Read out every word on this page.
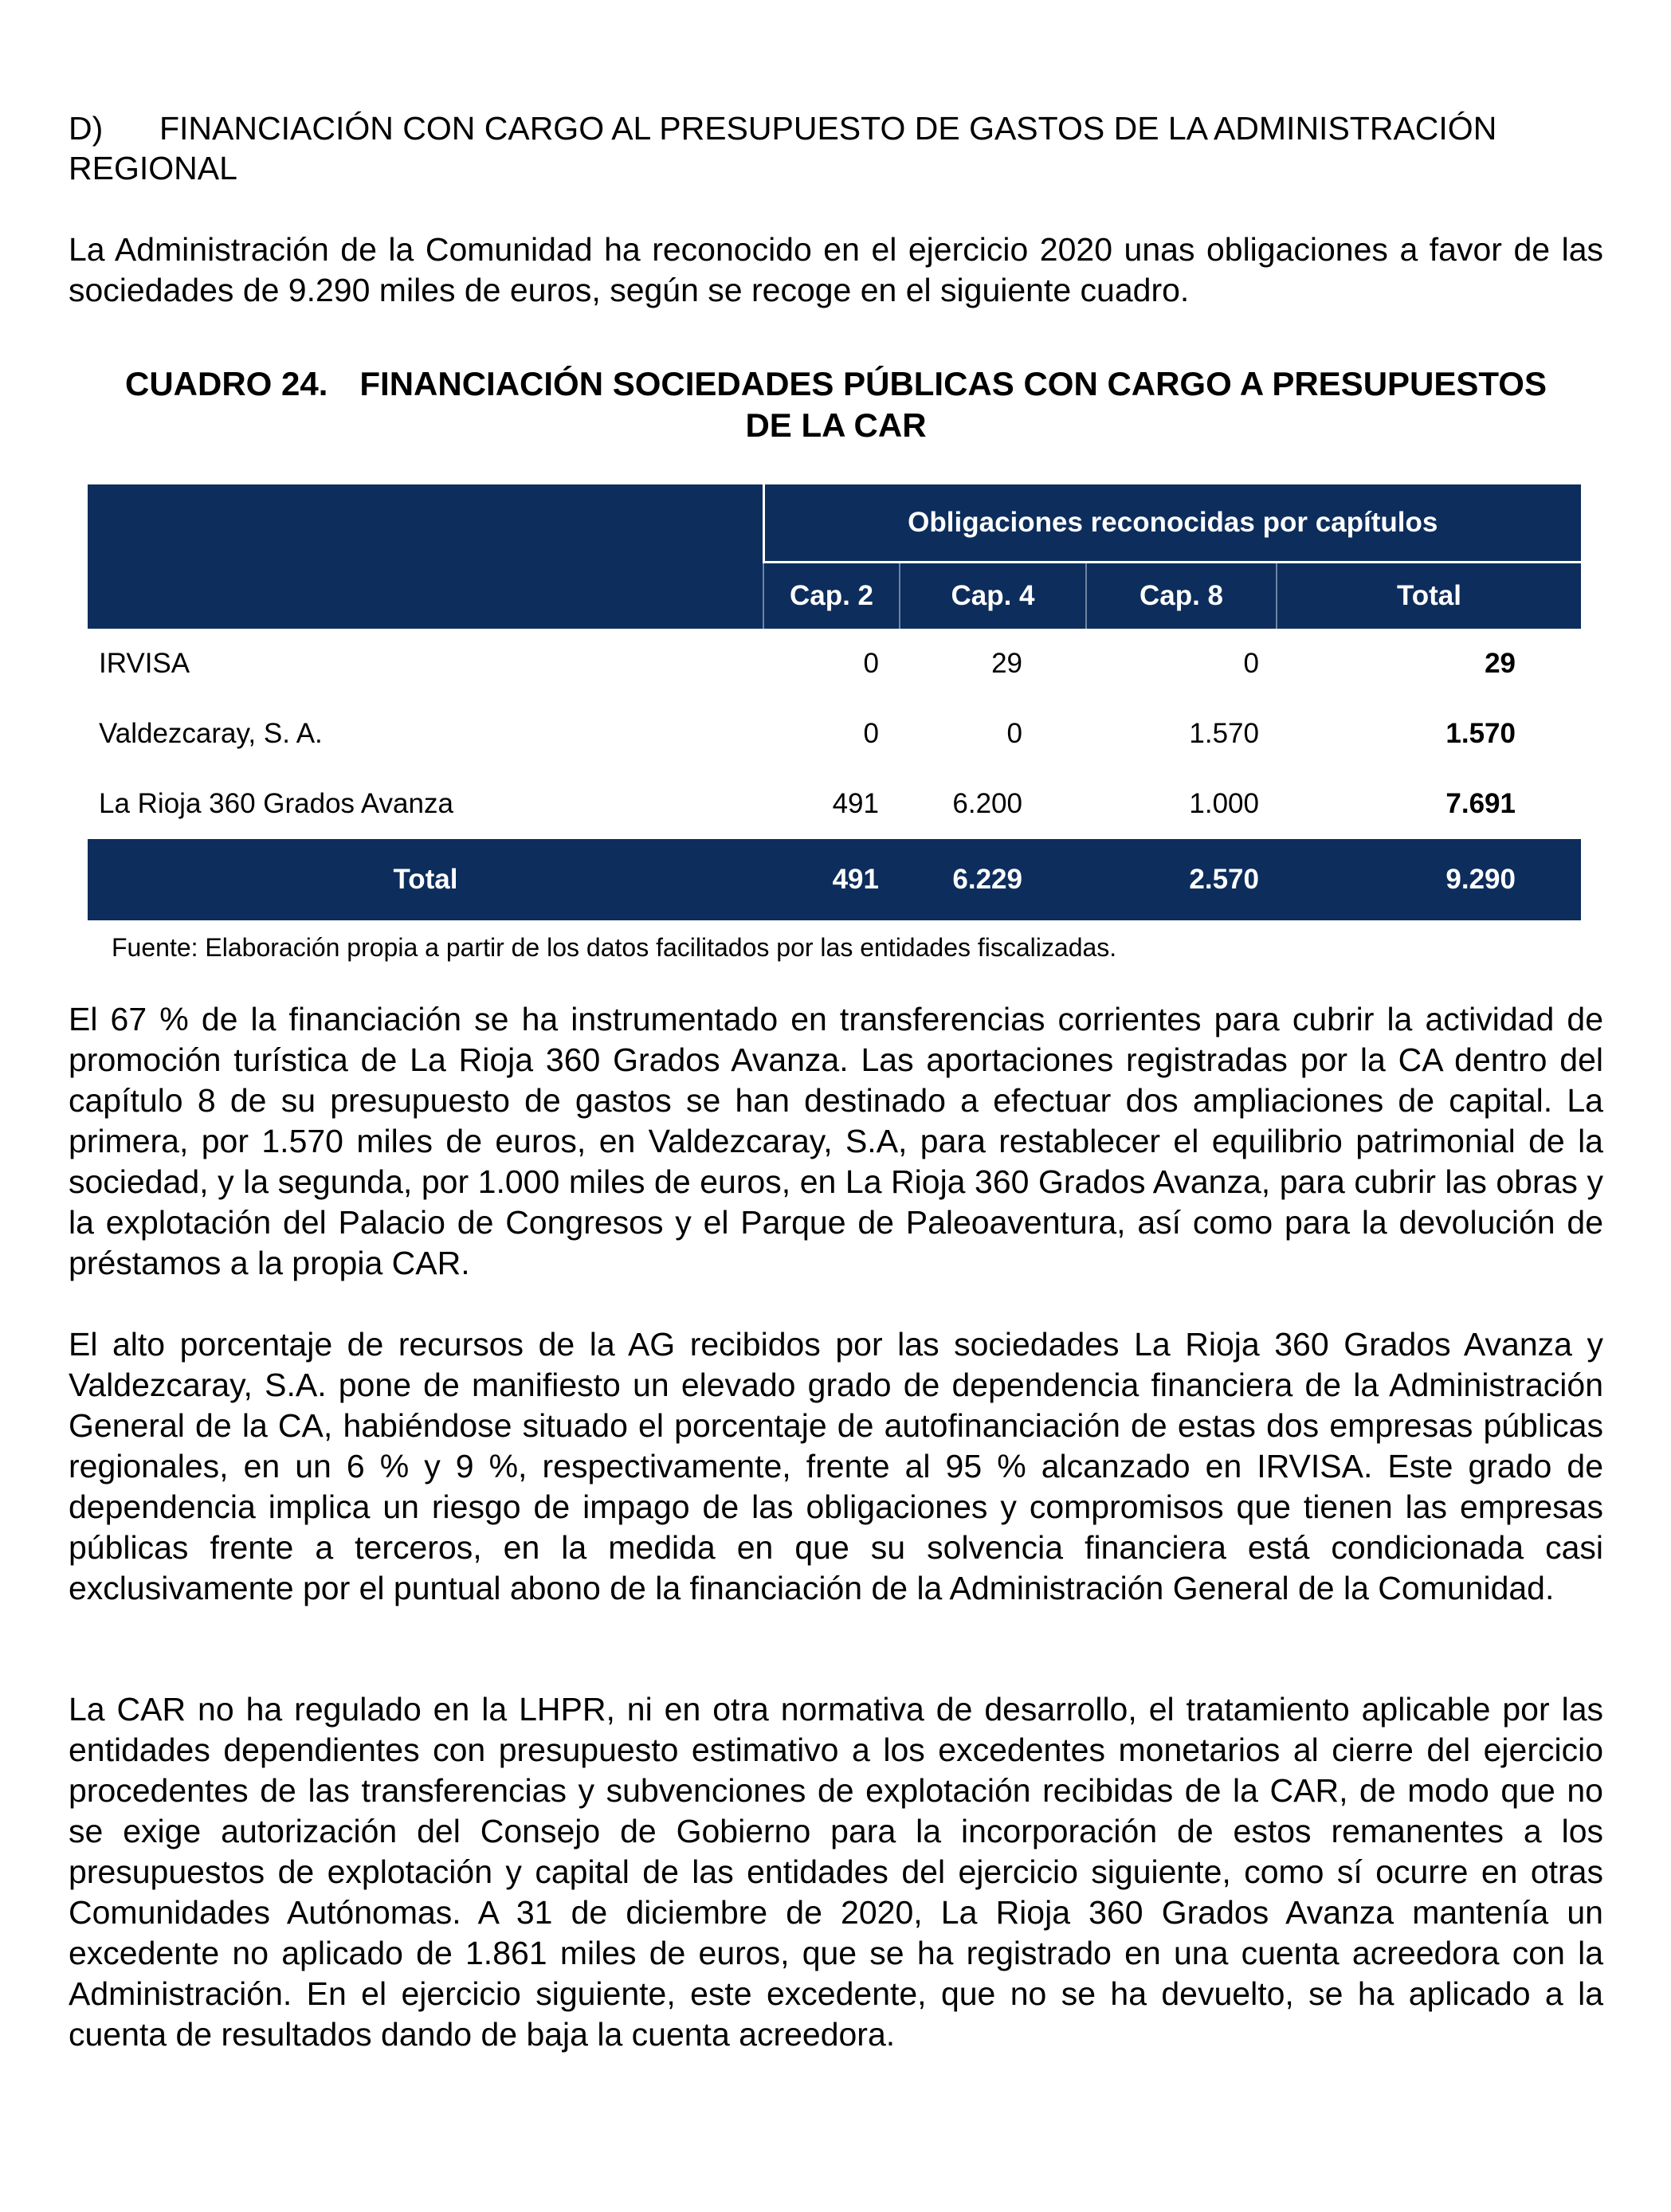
D) FINANCIACIÓN CON CARGO AL PRESUPUESTO DE GASTOS DE LA ADMINISTRACIÓN
REGIONAL

La Administración de la Comunidad ha reconocido en el ejercicio 2020 unas obligaciones a favor de las sociedades de 9.290 miles de euros, según se recoge en el siguiente cuadro.

CUADRO 24. FINANCIACIÓN SOCIEDADES PÚBLICAS CON CARGO A PRESUPUESTOS
DE LA CAR
	Obligaciones reconocidas por capítulos			
	Cap. 2	Cap. 4	Cap. 8	Total
IRVISA	0	29	0	29
Valdezcaray, S. A.	0	0	1.570	1.570
La Rioja 360 Grados Avanza	491	6.200	1.000	7.691
Total	491	6.229	2.570	9.290
Fuente: Elaboración propia a partir de los datos facilitados por las entidades fiscalizadas.

El 67 % de la financiación se ha instrumentado en transferencias corrientes para cubrir la actividad de promoción turística de La Rioja 360 Grados Avanza. Las aportaciones registradas por la CA dentro del capítulo 8 de su presupuesto de gastos se han destinado a efectuar dos ampliaciones de capital. La primera, por 1.570 miles de euros, en Valdezcaray, S.A, para restablecer el equilibrio patrimonial de la sociedad, y la segunda, por 1.000 miles de euros, en La Rioja 360 Grados Avanza, para cubrir las obras y la explotación del Palacio de Congresos y el Parque de Paleoaventura, así como para la devolución de préstamos a la propia CAR.

El alto porcentaje de recursos de la AG recibidos por las sociedades La Rioja 360 Grados Avanza y Valdezcaray, S.A. pone de manifiesto un elevado grado de dependencia financiera de la Administración General de la CA, habiéndose situado el porcentaje de autofinanciación de estas dos empresas públicas regionales, en un 6 % y 9 %, respectivamente, frente al 95 % alcanzado en IRVISA. Este grado de dependencia implica un riesgo de impago de las obligaciones y compromisos que tienen las empresas públicas frente a terceros, en la medida en que su solvencia financiera está condicionada casi exclusivamente por el puntual abono de la financiación de la Administración General de la Comunidad.

La CAR no ha regulado en la LHPR, ni en otra normativa de desarrollo, el tratamiento aplicable por las entidades dependientes con presupuesto estimativo a los excedentes monetarios al cierre del ejercicio procedentes de las transferencias y subvenciones de explotación recibidas de la CAR, de modo que no se exige autorización del Consejo de Gobierno para la incorporación de estos remanentes a los presupuestos de explotación y capital de las entidades del ejercicio siguiente, como sí ocurre en otras Comunidades Autónomas. A 31 de diciembre de 2020, La Rioja 360 Grados Avanza mantenía un excedente no aplicado de 1.861 miles de euros, que se ha registrado en una cuenta acreedora con la Administración. En el ejercicio siguiente, este excedente, que no se ha devuelto, se ha aplicado a la cuenta de resultados dando de baja la cuenta acreedora.
